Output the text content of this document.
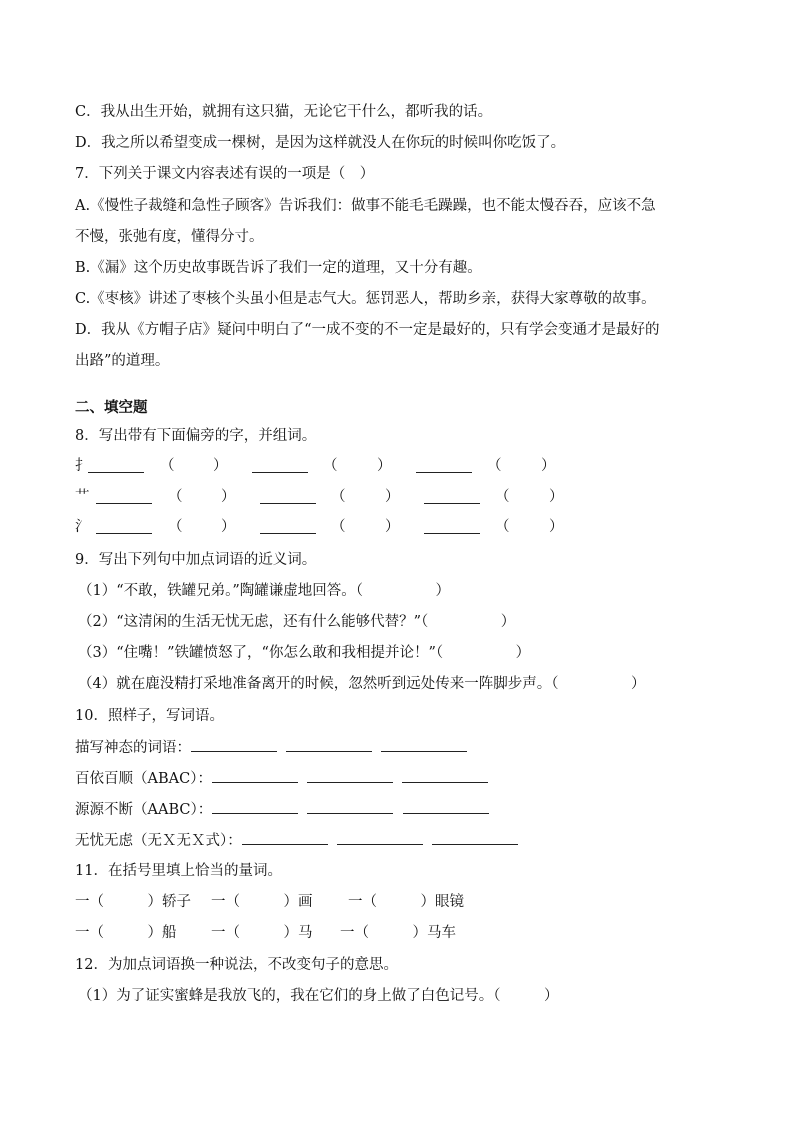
C．我从出生开始，就拥有这只猫，无论它干什么，都听我的话。
D．我之所以希望变成一棵树，是因为这样就没人在你玩的时候叫你吃饭了。
7．下列关于课文内容表述有误的一项是（　）
A.《慢性子裁缝和急性子顾客》告诉我们：做事不能毛毛躁躁，也不能太慢吞吞，应该不急
不慢，张弛有度，懂得分寸。
B.《漏》这个历史故事既告诉了我们一定的道理，又十分有趣。
C.《枣核》讲述了枣核个头虽小但是志气大。惩罚恶人，帮助乡亲，获得大家尊敬的故事。
D．我从《方帽子店》疑问中明白了“一成不变的不一定是最好的，只有学会变通才是最好的
出路”的道理。
二、填空题
8．写出带有下面偏旁的字，并组词。
扌	（	）	（	）	（	）
艹	（	）	（	）	（	）
氵	（	）	（	）	（	）
9．写出下列句中加点词语的近义词。
（1）“不敢，铁罐兄弟。”陶罐谦虚地回答。（　　　　　）
（2）“这清闲的生活无忧无虑，还有什么能够代替？”（　　　　　）
（3）“住嘴！”铁罐愤怒了，“你怎么敢和我相提并论！”（　　　　　）
（4）就在鹿没精打采地准备离开的时候，忽然听到远处传来一阵脚步声。（　　　　　）
10．照样子，写词语。
描写神态的词语：
百依百顺（ABAC）：
源源不断（AABC）：
无忧无虑（无Ｘ无Ｘ式）：
11．在括号里填上恰当的量词。
一（　　　）轿子 一（　　　）画 一（　　　）眼镜
一（　　　）船 一（　　　）马 一（　　　）马车
12．为加点词语换一种说法，不改变句子的意思。
（1）为了证实蜜蜂是我放飞的，我在它们的身上做了白色记号。（　　　）
